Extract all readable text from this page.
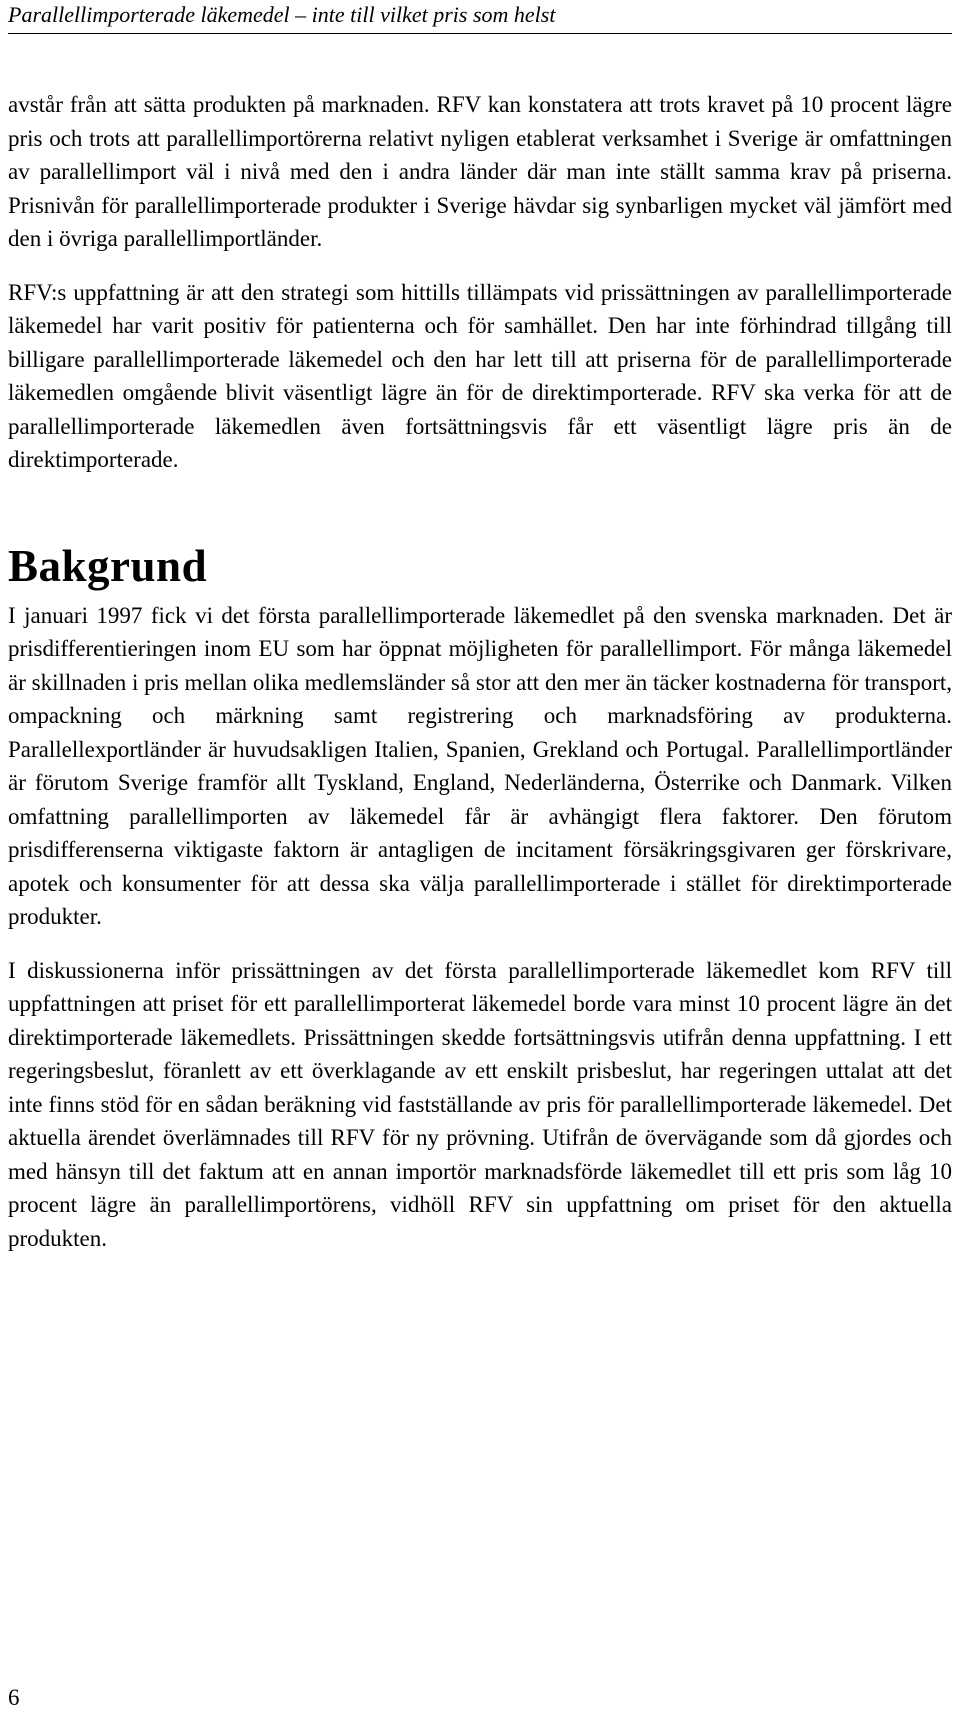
Parallellimporterade läkemedel – inte till vilket pris som helst

avstår från att sätta produkten på marknaden. RFV kan konstatera att trots kravet på 10 procent lägre pris och trots att parallellimportörerna relativt nyligen etablerat verksamhet i Sverige är omfattningen av parallellimport väl i nivå med den i andra länder där man inte ställt samma krav på priserna. Prisnivån för parallellimporterade produkter i Sverige hävdar sig synbarligen mycket väl jämfört med den i övriga parallellimportländer.

RFV:s uppfattning är att den strategi som hittills tillämpats vid prissättningen av parallellimporterade läkemedel har varit positiv för patienterna och för samhället. Den har inte förhindrad tillgång till billigare parallellimporterade läkemedel och den har lett till att priserna för de parallellimporterade läkemedlen omgående blivit väsentligt lägre än för de direktimporterade. RFV ska verka för att de parallellimporterade läkemedlen även fortsättningsvis får ett väsentligt lägre pris än de direktimporterade.

Bakgrund

I januari 1997 fick vi det första parallellimporterade läkemedlet på den svenska marknaden. Det är prisdifferentieringen inom EU som har öppnat möjligheten för parallellimport. För många läkemedel är skillnaden i pris mellan olika medlemsländer så stor att den mer än täcker kostnaderna för transport, ompackning och märkning samt registrering och marknadsföring av produkterna. Parallellexportländer är huvudsakligen Italien, Spanien, Grekland och Portugal. Parallellimportländer är förutom Sverige framför allt Tyskland, England, Nederländerna, Österrike och Danmark. Vilken omfattning parallellimporten av läkemedel får är avhängigt flera faktorer. Den förutom prisdifferenserna viktigaste faktorn är antagligen de incitament försäkringsgivaren ger förskrivare, apotek och konsumenter för att dessa ska välja parallellimporterade i stället för direktimporterade produkter.

I diskussionerna inför prissättningen av det första parallellimporterade läkemedlet kom RFV till uppfattningen att priset för ett parallellimporterat läkemedel borde vara minst 10 procent lägre än det direktimporterade läkemedlets. Prissättningen skedde fortsättningsvis utifrån denna uppfattning. I ett regeringsbeslut, föranlett av ett överklagande av ett enskilt prisbeslut, har regeringen uttalat att det inte finns stöd för en sådan beräkning vid fastställande av pris för parallellimporterade läkemedel. Det aktuella ärendet överlämnades till RFV för ny prövning. Utifrån de övervägande som då gjordes och med hänsyn till det faktum att en annan importör marknadsförde läkemedlet till ett pris som låg 10 procent lägre än parallellimportörens, vidhöll RFV sin uppfattning om priset för den aktuella produkten.

6
